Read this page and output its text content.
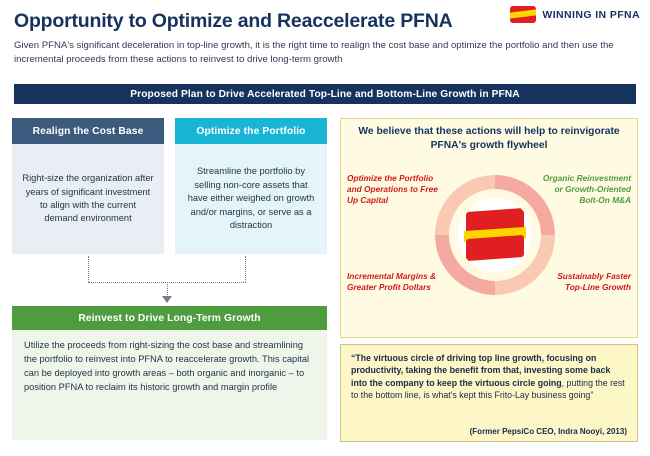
WINNING IN PFNA
Opportunity to Optimize and Reaccelerate PFNA

Given PFNA's significant deceleration in top-line growth, it is the right time to realign the cost base and optimize the portfolio and then use the incremental proceeds from these actions to reinvest to drive long-term growth

Proposed Plan to Drive Accelerated Top-Line and Bottom-Line Growth in PFNA
Realign the Cost Base
Right-size the organization after years of significant investment to align with the current demand environment
Optimize the Portfolio
Streamline the portfolio by selling non-core assets that have either weighed on growth and/or margins, or serve as a distraction
Reinvest to Drive Long-Term Growth
Utilize the proceeds from right-sizing the cost base and streamlining the portfolio to reinvest into PFNA to reaccelerate growth. This capital can be deployed into growth areas – both organic and inorganic – to position PFNA to reclaim its historic growth and margin profile
We believe that these actions will help to reinvigorate PFNA's growth flywheel
Optimize the Portfolio and Operations to Free Up Capital
Organic Reinvestment or Growth-Oriented Bolt-On M&A
Incremental Margins & Greater Profit Dollars
Sustainably Faster Top-Line Growth
“The virtuous circle of driving top line growth, focusing on productivity, taking the benefit from that, investing some back into the company to keep the virtuous circle going, putting the rest to the bottom line, is what's kept this Frito-Lay business going”
(Former PepsiCo CEO, Indra Nooyi, 2013)
